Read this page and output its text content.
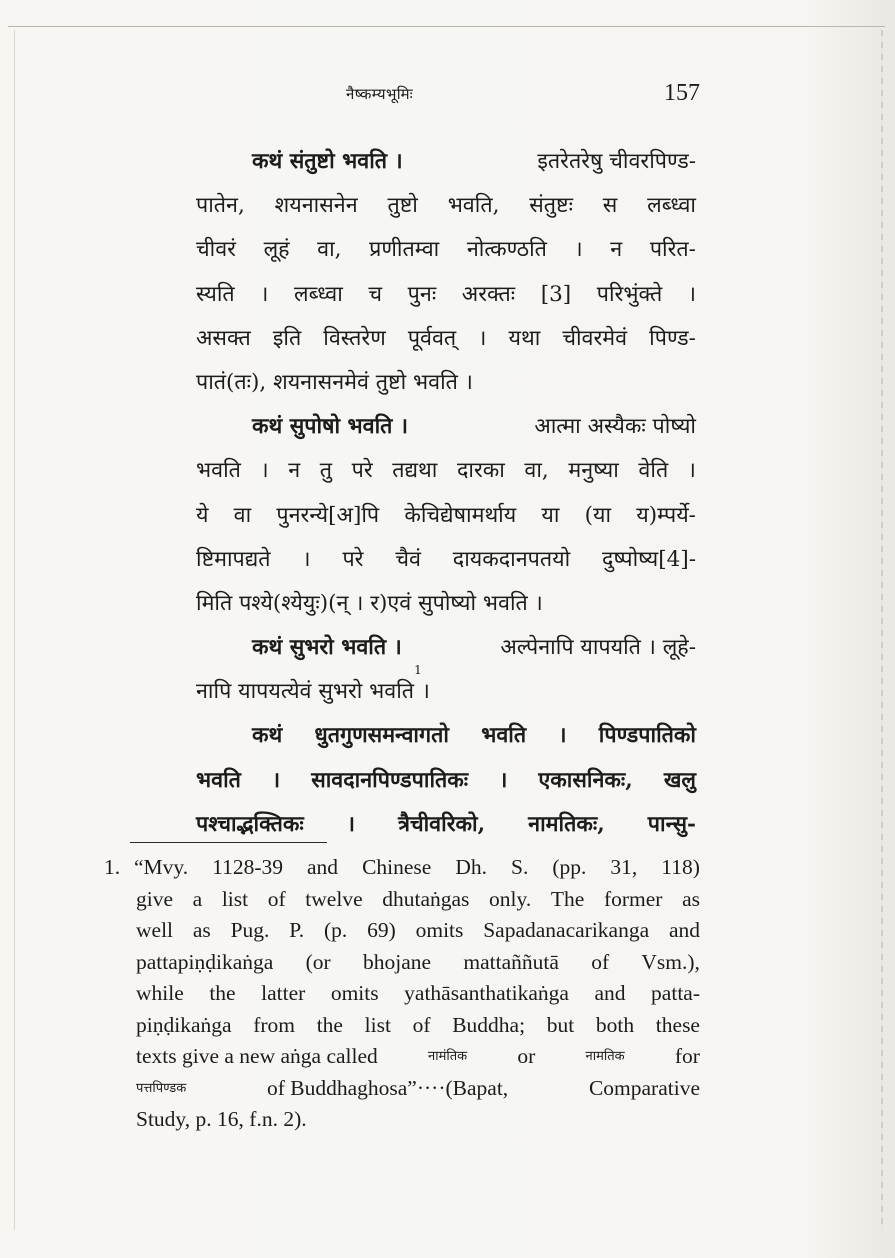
नैष्कम्यभूमिः	157
कथं संतुष्टो भवति ।	इतरेतरेषु चीवरपिण्ड-
पातेन, शयनासनेन तुष्टो भवति, संतुष्टः स लब्ध्वा
चीवरं लूहं वा, प्रणीतम्वा नोत्कण्ठति । न परित-
स्यति । लब्ध्वा च पुनः अरक्तः [3] परिभुंक्ते ।
असक्त इति विस्तरेण पूर्ववत् । यथा चीवरमेवं पिण्ड-
पातं(तः), शयनासनमेवं तुष्टो भवति ।
कथं सुपोषो भवति ।	आत्मा अस्यैकः पोष्यो
भवति । न तु परे तद्यथा दारका वा, मनुष्या वेति ।
ये वा पुनरन्ये[अ]पि केचिद्येषामर्थाय या (या य)म्पर्ये-
ष्टिमापद्यते । परे चैवं दायकदानपतयो दुष्पोष्य[4]-
मिति पश्ये(श्येयुः)(न् । र)एवं सुपोष्यो भवति ।
कथं सुभरो भवति ।	अल्पेनापि यापयति । लूहे-
नापि यापयत्येवं सुभरो भवति
1
।
कथं धुतगुणसमन्वागतो भवति । पिण्डपातिको
भवति । सावदानपिण्डपातिकः । एकासनिकः, खलु
पश्चाद्भक्तिकः । त्रैचीवरिको, नामतिकः, पान्सु-
1. “Mvy. 1128-39 and Chinese Dh. S. (pp. 31, 118)
give a list of twelve dhutaṅgas only. The former as
well as Pug. P. (p. 69) omits Sapadanacarikanga and
pattapiṇḍikaṅga (or bhojane mattaññutā of Vsm.),
while the latter omits yathāsanthatikaṅga and patta-
piṇḍikaṅga from the list of Buddha; but both these
texts give a new aṅga called	नामंतिक or	नामतिक for
पत्तपिण्डक	of Buddhaghosa”····(Bapat,	Comparative
Study, p. 16, f.n. 2).
